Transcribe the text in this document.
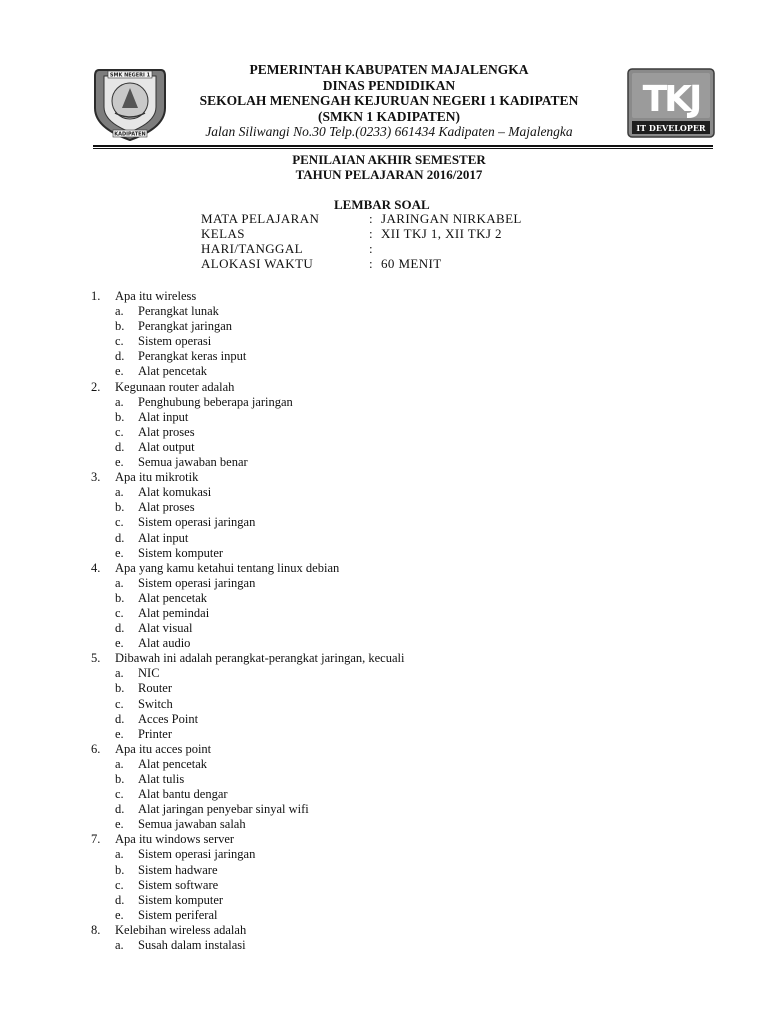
SMK NEGERI 1
KADIPATEN
PEMERINTAH KABUPATEN MAJALENGKA
DINAS PENDIDIKAN
SEKOLAH MENENGAH KEJURUAN NEGERI 1 KADIPATEN
(SMKN 1 KADIPATEN)
Jalan Siliwangi No.30 Telp.(0233) 661434 Kadipaten – Majalengka
TKJ
IT DEVELOPER
PENILAIAN AKHIR SEMESTER
TAHUN PELAJARAN 2016/2017
LEMBAR SOAL
MATA PELAJARAN	: JARINGAN NIRKABEL
KELAS	: XII TKJ 1, XII TKJ 2
HARI/TANGGAL	:
ALOKASI WAKTU	: 60 MENIT
1.	Apa itu wireless
a.	Perangkat lunak
b.	Perangkat jaringan
c.	Sistem operasi
d.	Perangkat keras input
e.	Alat pencetak
2.	Kegunaan router adalah
a.	Penghubung beberapa jaringan
b.	Alat input
c.	Alat proses
d.	Alat output
e.	Semua jawaban benar
3.	Apa itu mikrotik
a.	Alat komukasi
b.	Alat proses
c.	Sistem operasi jaringan
d.	Alat input
e.	Sistem komputer
4.	Apa yang kamu ketahui tentang linux debian
a.	Sistem operasi jaringan
b.	Alat pencetak
c.	Alat pemindai
d.	Alat visual
e.	Alat audio
5.	Dibawah ini adalah perangkat-perangkat jaringan, kecuali
a.	NIC
b.	Router
c.	Switch
d.	Acces Point
e.	Printer
6.	Apa itu acces point
a.	Alat pencetak
b.	Alat tulis
c.	Alat bantu dengar
d.	Alat jaringan penyebar sinyal wifi
e.	Semua jawaban salah
7.	Apa itu windows server
a.	Sistem operasi jaringan
b.	Sistem hadware
c.	Sistem software
d.	Sistem komputer
e.	Sistem periferal
8.	Kelebihan wireless adalah
a.	Susah dalam instalasi
